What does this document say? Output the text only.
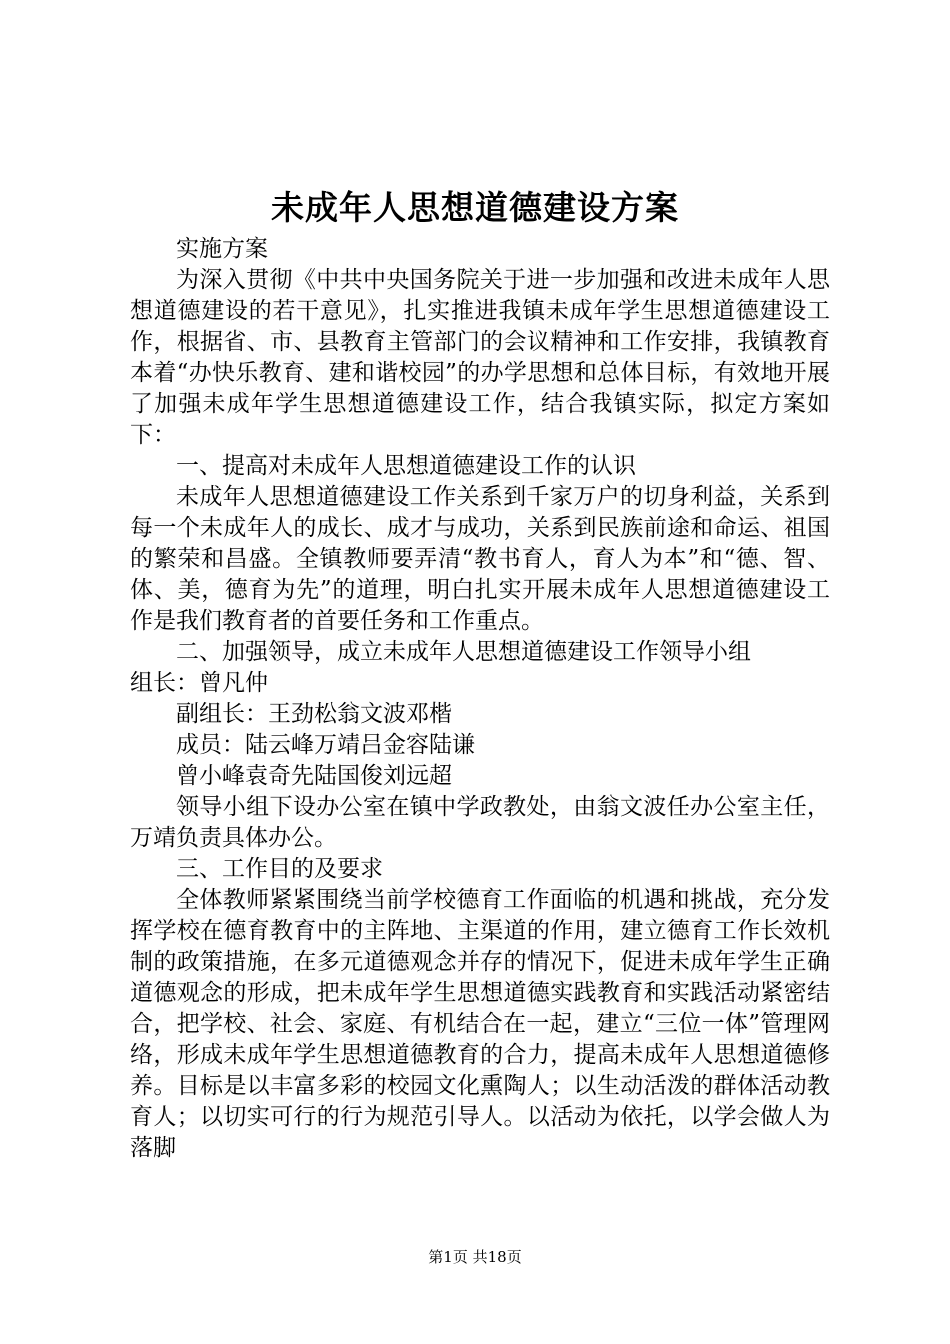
未成年人思想道德建设方案

实施方案

为深入贯彻《中共中央国务院关于进一步加强和改进未成年人思想道德建设的若干意见》，扎实推进我镇未成年学生思想道德建设工作，根据省、市、县教育主管部门的会议精神和工作安排，我镇教育本着“办快乐教育、建和谐校园”的办学思想和总体目标，有效地开展了加强未成年学生思想道德建设工作，结合我镇实际，拟定方案如下：

一、提高对未成年人思想道德建设工作的认识

未成年人思想道德建设工作关系到千家万户的切身利益，关系到每一个未成年人的成长、成才与成功，关系到民族前途和命运、祖国的繁荣和昌盛。全镇教师要弄清“教书育人，育人为本”和“德、智、体、美，德育为先”的道理，明白扎实开展未成年人思想道德建设工作是我们教育者的首要任务和工作重点。

二、加强领导，成立未成年人思想道德建设工作领导小组

组长：曾凡仲

副组长：王劲松翁文波邓楷

成员：陆云峰万靖吕金容陆谦

曾小峰袁奇先陆国俊刘远超

领导小组下设办公室在镇中学政教处，由翁文波任办公室主任，万靖负责具体办公。

三、工作目的及要求

全体教师紧紧围绕当前学校德育工作面临的机遇和挑战，充分发挥学校在德育教育中的主阵地、主渠道的作用，建立德育工作长效机制的政策措施，在多元道德观念并存的情况下，促进未成年学生正确道德观念的形成，把未成年学生思想道德实践教育和实践活动紧密结合，把学校、社会、家庭、有机结合在一起，建立“三位一体”管理网络，形成未成年学生思想道德教育的合力，提高未成年人思想道德修养。目标是以丰富多彩的校园文化熏陶人；以生动活泼的群体活动教育人；以切实可行的行为规范引导人。以活动为依托，以学会做人为落脚

第1页 共18页
